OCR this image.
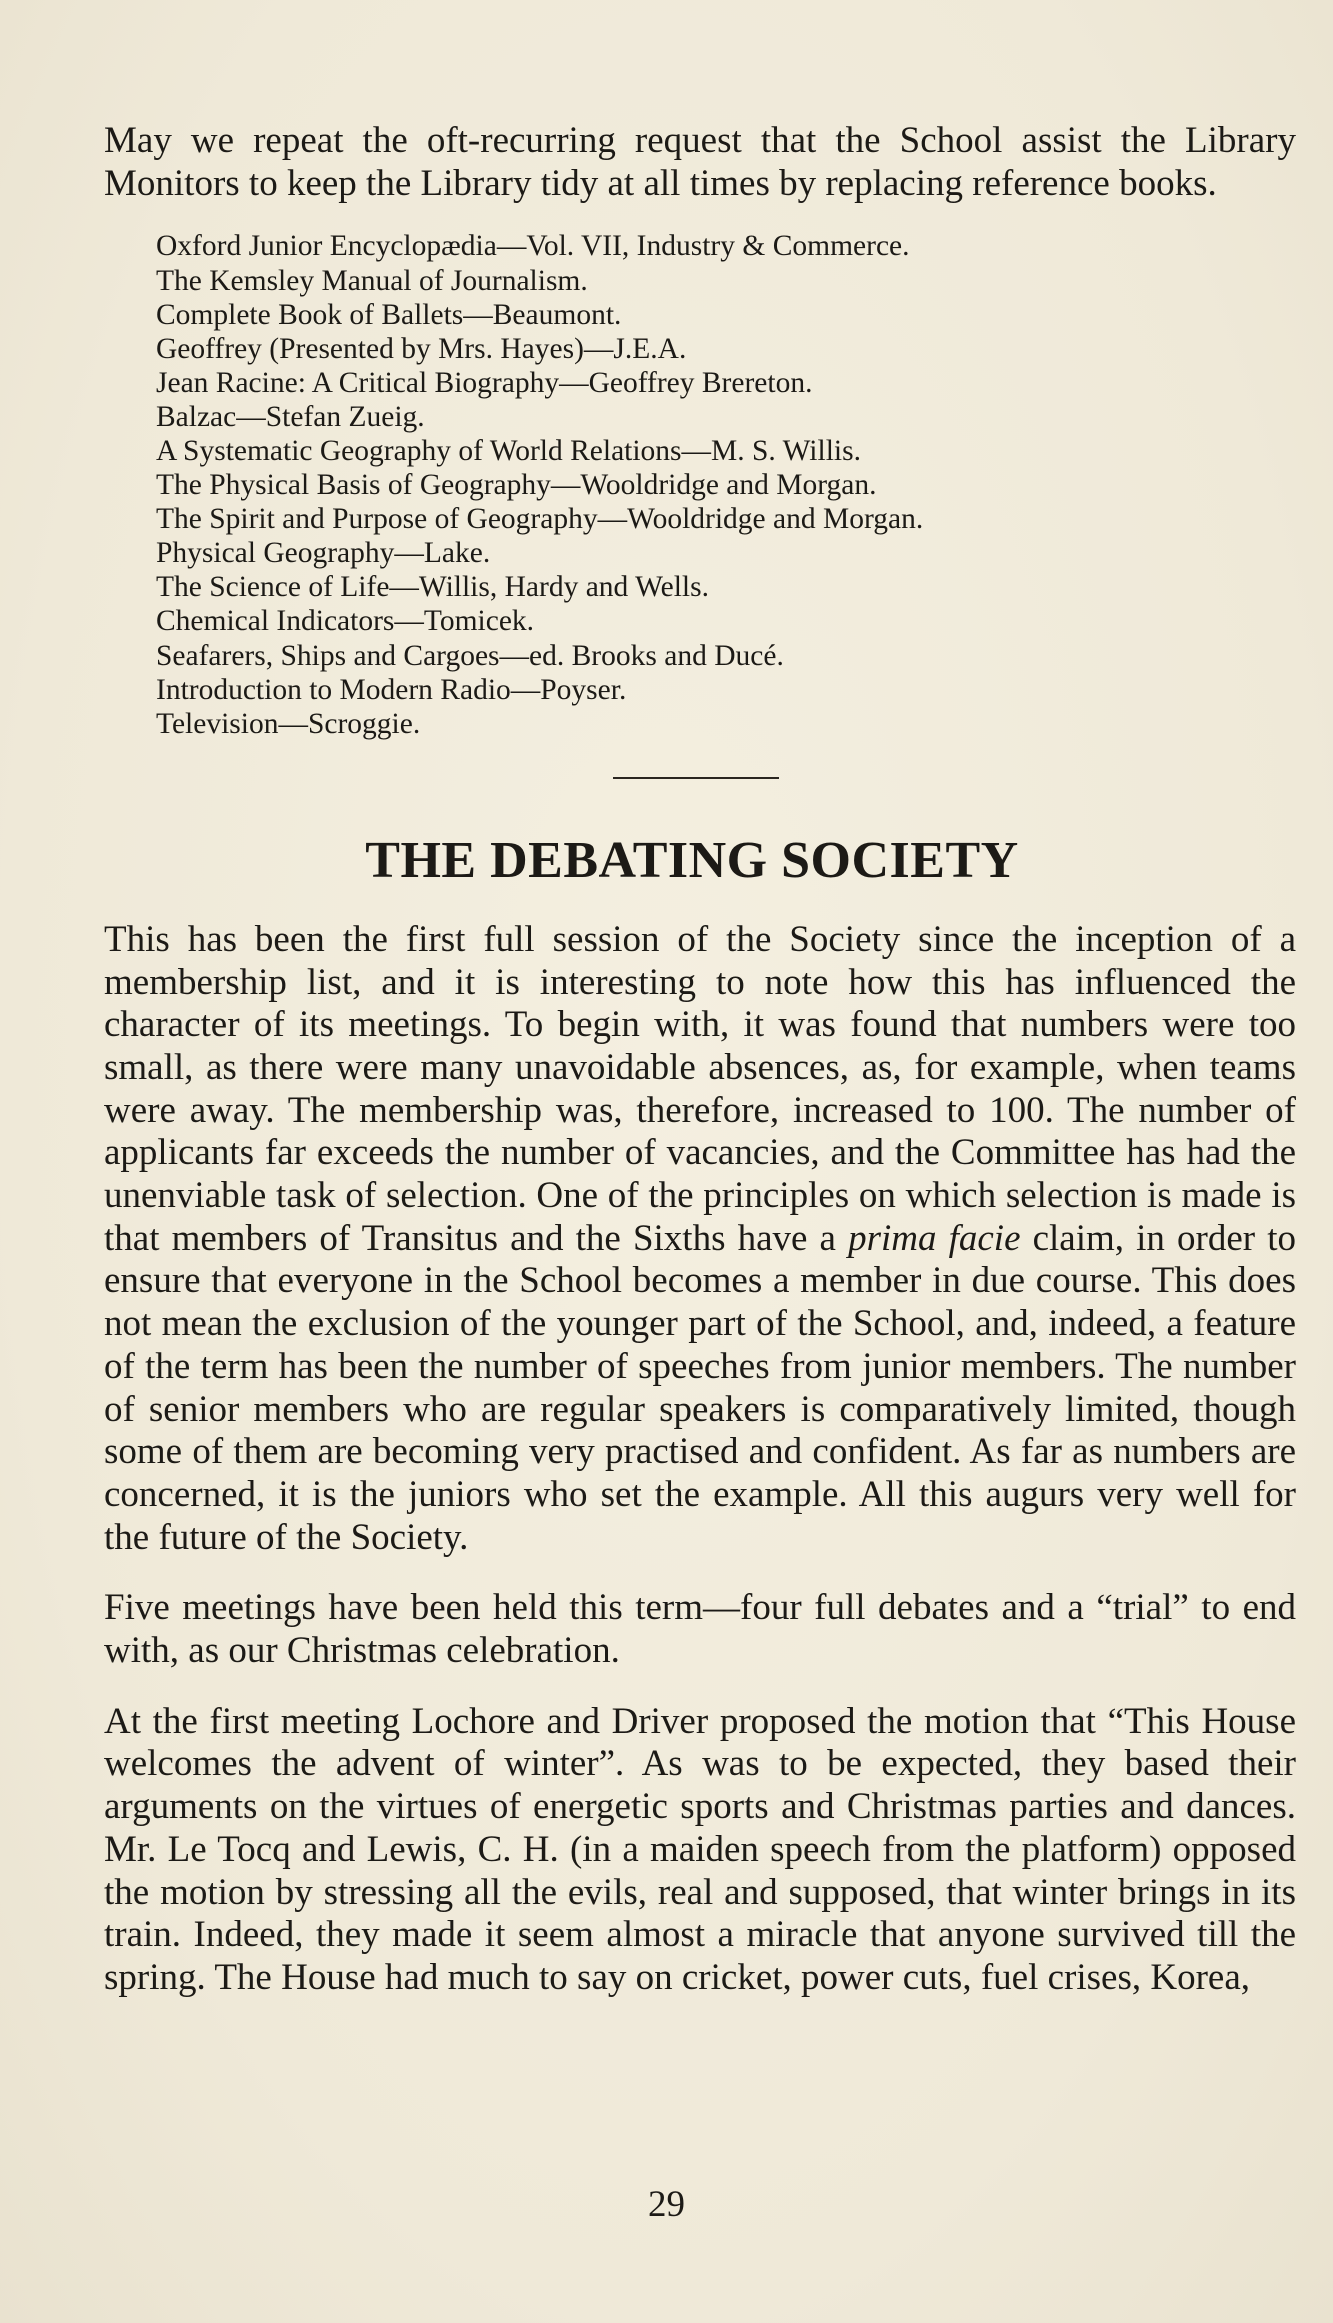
May we repeat the oft-recurring request that the School assist the Library Monitors to keep the Library tidy at all times by replacing reference books.

Oxford Junior Encyclopædia—Vol. VII, Industry & Commerce.
The Kemsley Manual of Journalism.
Complete Book of Ballets—Beaumont.
Geoffrey (Presented by Mrs. Hayes)—J.E.A.
Jean Racine: A Critical Biography—Geoffrey Brereton.
Balzac—Stefan Zueig.
A Systematic Geography of World Relations—M. S. Willis.
The Physical Basis of Geography—Wooldridge and Morgan.
The Spirit and Purpose of Geography—Wooldridge and Morgan.
Physical Geography—Lake.
The Science of Life—Willis, Hardy and Wells.
Chemical Indicators—Tomicek.
Seafarers, Ships and Cargoes—ed. Brooks and Ducé.
Introduction to Modern Radio—Poyser.
Television—Scroggie.
THE DEBATING SOCIETY

This has been the first full session of the Society since the inception of a membership list, and it is interesting to note how this has influenced the character of its meetings. To begin with, it was found that numbers were too small, as there were many unavoidable absences, as, for example, when teams were away. The membership was, therefore, increased to 100. The number of applicants far exceeds the number of vacancies, and the Committee has had the unenviable task of selection. One of the principles on which selection is made is that members of Transitus and the Sixths have a prima facie claim, in order to ensure that everyone in the School becomes a member in due course. This does not mean the exclusion of the younger part of the School, and, indeed, a feature of the term has been the number of speeches from junior members. The number of senior members who are regular speakers is comparatively limited, though some of them are becoming very practised and confident. As far as numbers are concerned, it is the juniors who set the example. All this augurs very well for the future of the Society.

Five meetings have been held this term—four full debates and a “trial” to end with, as our Christmas celebration.

At the first meeting Lochore and Driver proposed the motion that “This House welcomes the advent of winter”. As was to be expected, they based their arguments on the virtues of energetic sports and Christmas parties and dances. Mr. Le Tocq and Lewis, C. H. (in a maiden speech from the platform) opposed the motion by stressing all the evils, real and supposed, that winter brings in its train. Indeed, they made it seem almost a miracle that anyone survived till the spring. The House had much to say on cricket, power cuts, fuel crises, Korea,

29
